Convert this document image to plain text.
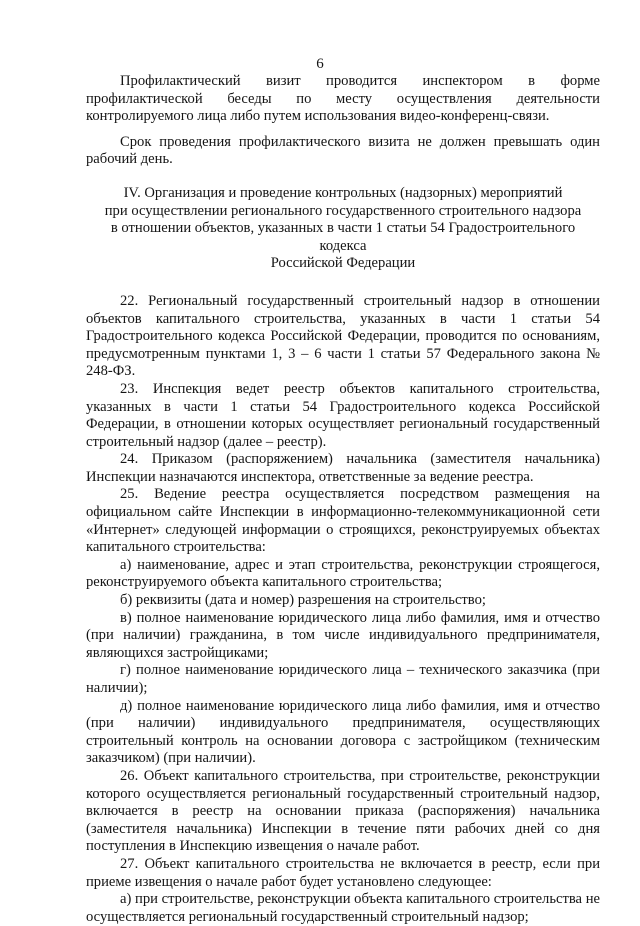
6

Профилактический визит проводится инспектором в форме профилактической беседы по месту осуществления деятельности контролируемого лица либо путем использования видео-конференц-связи.

Срок проведения профилактического визита не должен превышать один рабочий день.

IV. Организация и проведение контрольных (надзорных) мероприятий
при осуществлении регионального государственного строительного надзора
в отношении объектов, указанных в части 1 статьи 54 Градостроительного кодекса
Российской Федерации

22. Региональный государственный строительный надзор в отношении объектов капитального строительства, указанных в части 1 статьи 54 Градостроительного кодекса Российской Федерации, проводится по основаниям, предусмотренным пунктами 1, 3 – 6 части 1 статьи 57 Федерального закона № 248-ФЗ.

23. Инспекция ведет реестр объектов капитального строительства, указанных в части 1 статьи 54 Градостроительного кодекса Российской Федерации, в отношении которых осуществляет региональный государственный строительный надзор (далее – реестр).

24. Приказом (распоряжением) начальника (заместителя начальника) Инспекции назначаются инспектора, ответственные за ведение реестра.

25. Ведение реестра осуществляется посредством размещения на официальном сайте Инспекции в информационно-телекоммуникационной сети «Интернет» следующей информации о строящихся, реконструируемых объектах капитального строительства:

а) наименование, адрес и этап строительства, реконструкции строящегося, реконструируемого объекта капитального строительства;

б) реквизиты (дата и номер) разрешения на строительство;

в) полное наименование юридического лица либо фамилия, имя и отчество (при наличии) гражданина, в том числе индивидуального предпринимателя, являющихся застройщиками;

г) полное наименование юридического лица – технического заказчика (при наличии);

д) полное наименование юридического лица либо фамилия, имя и отчество (при наличии) индивидуального предпринимателя, осуществляющих строительный контроль на основании договора с застройщиком (техническим заказчиком) (при наличии).

26. Объект капитального строительства, при строительстве, реконструкции которого осуществляется региональный государственный строительный надзор, включается в реестр на основании приказа (распоряжения) начальника (заместителя начальника) Инспекции в течение пяти рабочих дней со дня поступления в Инспекцию извещения о начале работ.

27. Объект капитального строительства не включается в реестр, если при приеме извещения о начале работ будет установлено следующее:

а) при строительстве, реконструкции объекта капитального строительства не осуществляется региональный государственный строительный надзор;
